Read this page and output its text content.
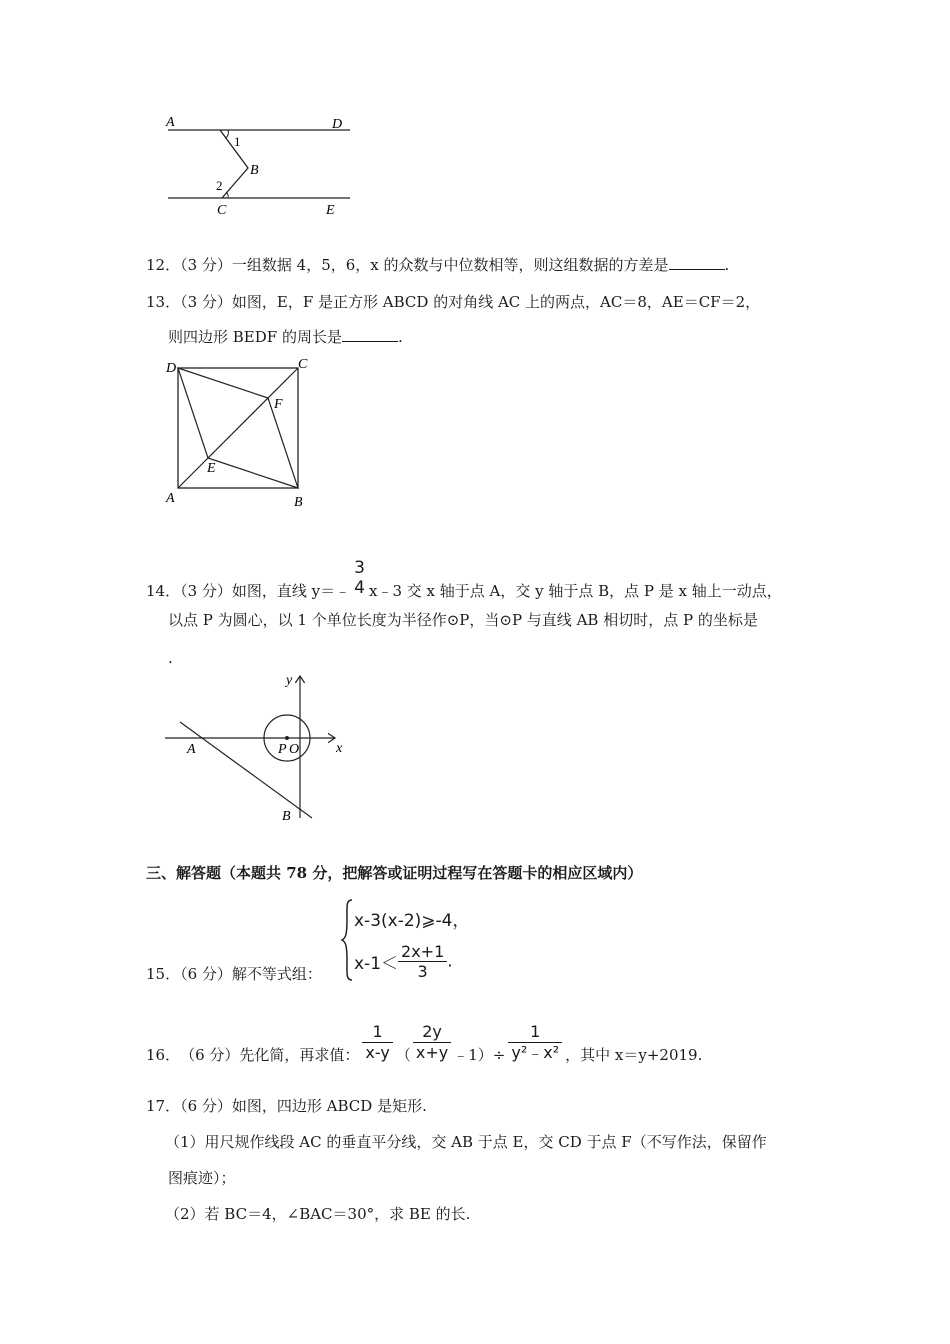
A	D
1
B
2
C	E
12．（3 分）一组数据 4，5，6，x 的众数与中位数相等，则这组数据的方差是	.
13．（3 分）如图，E，F 是正方形 ABCD 的对角线 AC 上的两点，AC＝8，AE＝CF＝2，
则四边形 BEDF 的周长是	.
D	C
F
E
A	B
14．（3 分）如图，直线 y＝﹣
3
4 x﹣3 交 x 轴于点 A，交 y 轴于点 B，点 P 是 x 轴上一动点，
以点 P 为圆心，以 1 个单位长度为半径作⊙P，当⊙P 与直线 AB 相切时，点 P 的坐标是
.
y
x
A	P O
B
三、解答题（本题共 78 分，把解答或证明过程写在答题卡的相应区域内）
x-3(x-2)⩾-4，
$x-1< \frac{2x+1}{3}$ .
15．（6 分）解不等式组：
16．（6 分）先化简，再求值： $\frac{1}{x-y}$ （ $\frac{2y}{x+y}$ ﹣1）÷ $\frac{1}{\text{y²﹣x²}}$ ，其中 x＝y+2019.
17．（6 分）如图，四边形 ABCD 是矩形.
（1）用尺规作线段 AC 的垂直平分线，交 AB 于点 E，交 CD 于点 F（不写作法，保留作
图痕迹）；
（2）若 BC＝4，∠BAC＝30°，求 BE 的长.
